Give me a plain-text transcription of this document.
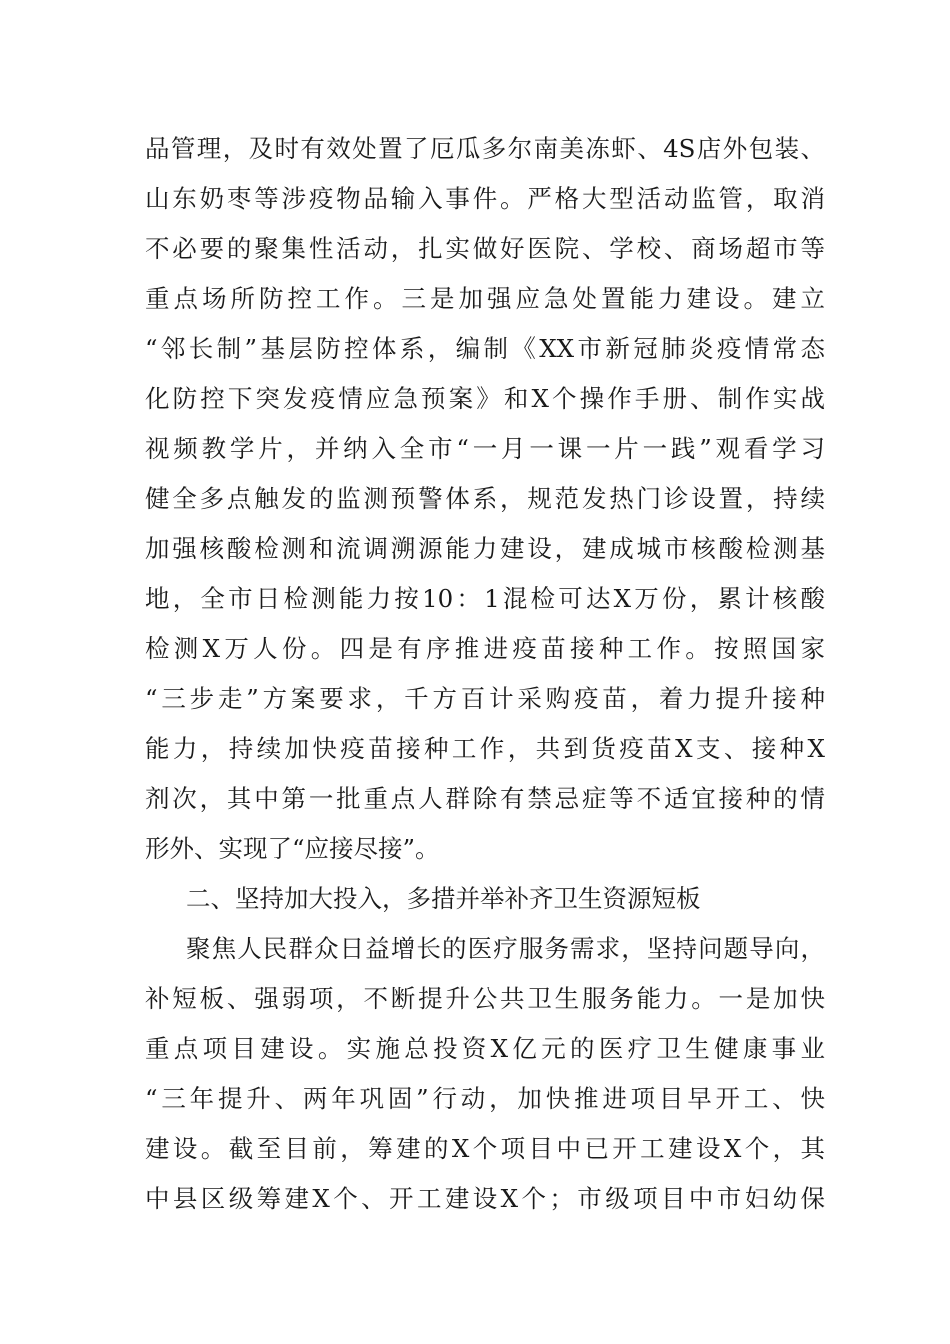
品管理，及时有效处置了厄瓜多尔南美冻虾、4S店外包装、
山东奶枣等涉疫物品输入事件。严格大型活动监管，取消
不必要的聚集性活动，扎实做好医院、学校、商场超市等
重点场所防控工作。三是加强应急处置能力建设。建立
“邻长制”基层防控体系，编制《XX市新冠肺炎疫情常态
化防控下突发疫情应急预案》和X个操作手册、制作实战
视频教学片，并纳入全市“一月一课一片一践”观看学习
健全多点触发的监测预警体系，规范发热门诊设置，持续
加强核酸检测和流调溯源能力建设，建成城市核酸检测基
地，全市日检测能力按10：1混检可达X万份，累计核酸
检测X万人份。四是有序推进疫苗接种工作。按照国家
“三步走”方案要求，千方百计采购疫苗，着力提升接种
能力，持续加快疫苗接种工作，共到货疫苗X支、接种X
剂次，其中第一批重点人群除有禁忌症等不适宜接种的情
形外、实现了“应接尽接”。
二、坚持加大投入，多措并举补齐卫生资源短板
聚焦人民群众日益增长的医疗服务需求，坚持问题导向，
补短板、强弱项，不断提升公共卫生服务能力。一是加快
重点项目建设。实施总投资X亿元的医疗卫生健康事业
“三年提升、两年巩固”行动，加快推进项目早开工、快
建设。截至目前，筹建的X个项目中已开工建设X个，其
中县区级筹建X个、开工建设X个；市级项目中市妇幼保
